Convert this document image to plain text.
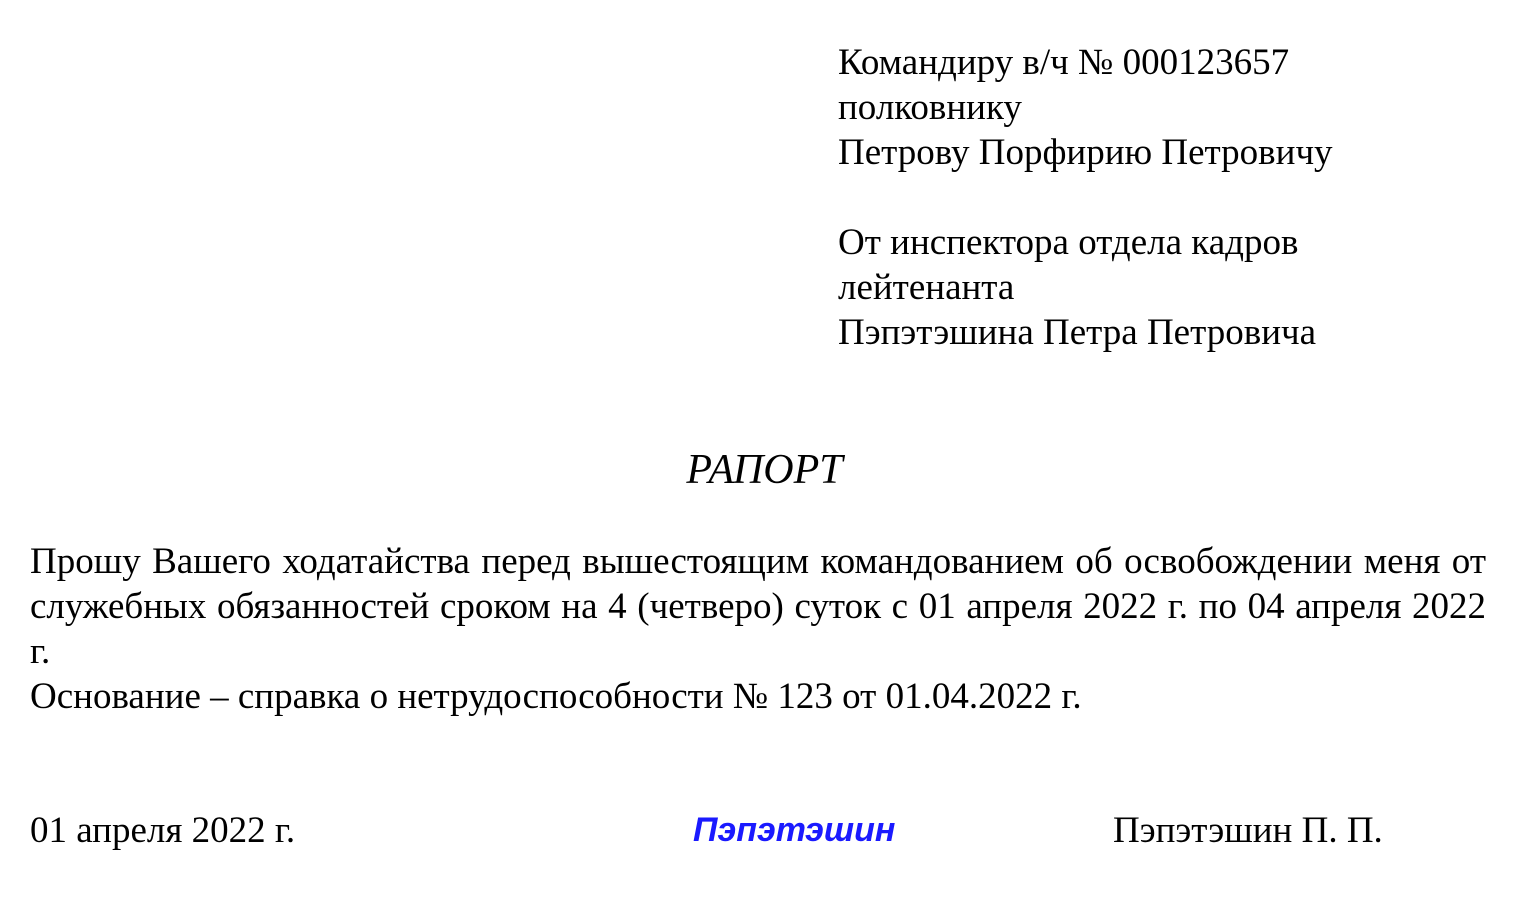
Командиру в/ч № 000123657
полковнику
Петрову Порфирию Петровичу
От инспектора отдела кадров
лейтенанта
Пэпэтэшина Петра Петровича
РАПОРТ
Прошу Вашего ходатайства перед вышестоящим командованием об освобождении меня от служебных обязанностей сроком на 4 (четверо) суток с 01 апреля 2022 г. по 04 апреля 2022 г.
Основание – справка о нетрудоспособности № 123 от 01.04.2022 г.
01 апреля 2022 г.	Пэпэтэшин	Пэпэтэшин П. П.
